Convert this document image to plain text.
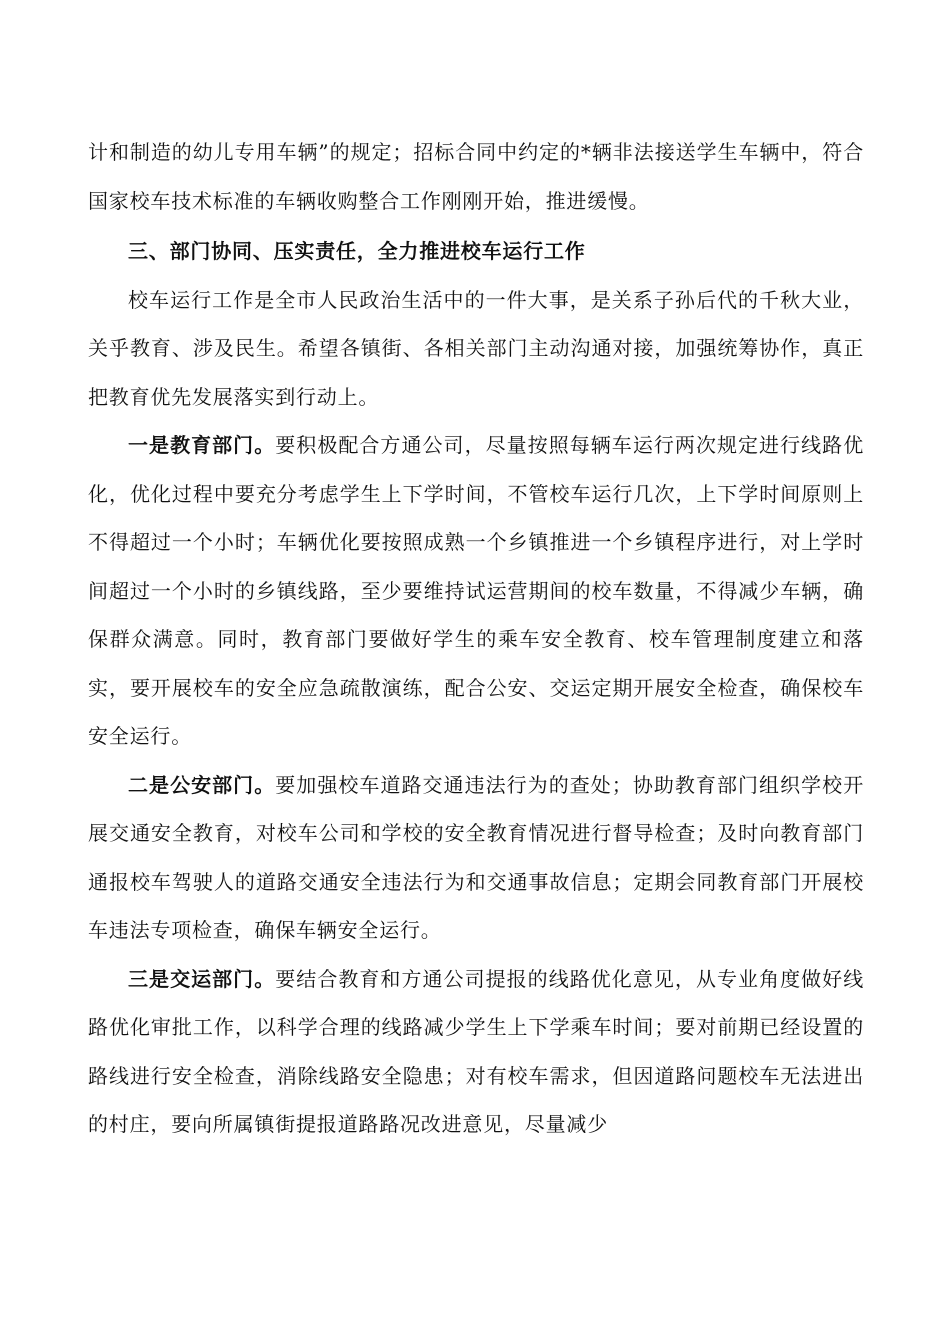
计和制造的幼儿专用车辆”的规定；招标合同中约定的*辆非法接送学生车辆中，符合国家校车技术标准的车辆收购整合工作刚刚开始，推进缓慢。

三、部门协同、压实责任，全力推进校车运行工作

校车运行工作是全市人民政治生活中的一件大事，是关系子孙后代的千秋大业，关乎教育、涉及民生。希望各镇街、各相关部门主动沟通对接，加强统筹协作，真正把教育优先发展落实到行动上。

一是教育部门。要积极配合方通公司，尽量按照每辆车运行两次规定进行线路优化，优化过程中要充分考虑学生上下学时间，不管校车运行几次，上下学时间原则上不得超过一个小时；车辆优化要按照成熟一个乡镇推进一个乡镇程序进行，对上学时间超过一个小时的乡镇线路，至少要维持试运营期间的校车数量，不得减少车辆，确保群众满意。同时，教育部门要做好学生的乘车安全教育、校车管理制度建立和落实，要开展校车的安全应急疏散演练，配合公安、交运定期开展安全检查，确保校车安全运行。

二是公安部门。要加强校车道路交通违法行为的查处；协助教育部门组织学校开展交通安全教育，对校车公司和学校的安全教育情况进行督导检查；及时向教育部门通报校车驾驶人的道路交通安全违法行为和交通事故信息；定期会同教育部门开展校车违法专项检查，确保车辆安全运行。

三是交运部门。要结合教育和方通公司提报的线路优化意见，从专业角度做好线路优化审批工作，以科学合理的线路减少学生上下学乘车时间；要对前期已经设置的路线进行安全检查，消除线路安全隐患；对有校车需求，但因道路问题校车无法进出的村庄，要向所属镇街提报道路路况改进意见，尽量减少
